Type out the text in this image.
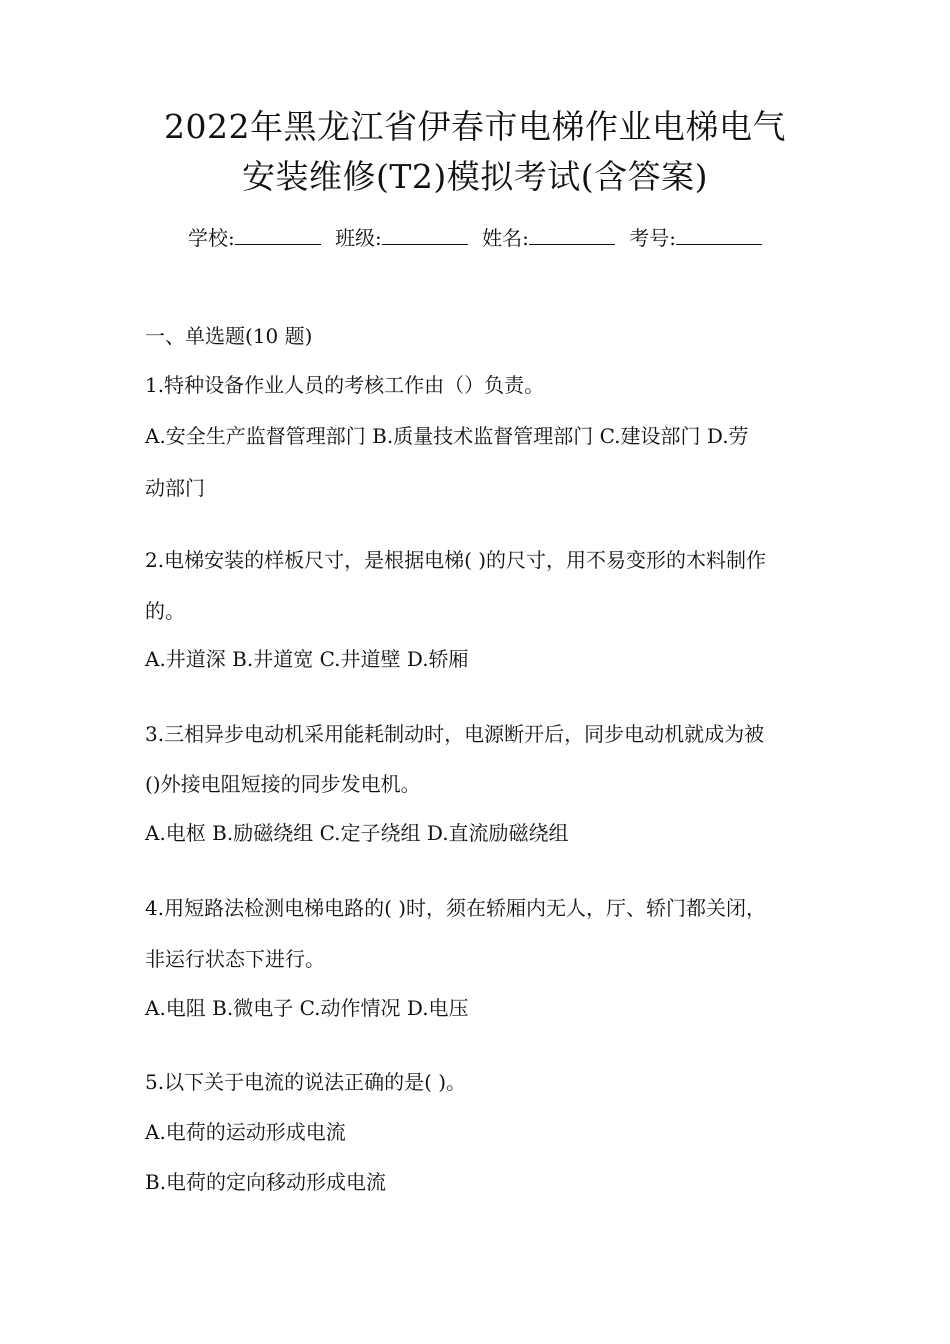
2022年黑龙江省伊春市电梯作业电梯电气
安装维修(T2)模拟考试(含答案)
学校:	班级:	姓名:	考号:
一、单选题(10 题)
1.特种设备作业人员的考核工作由（）负责。
A.安全生产监督管理部门 B.质量技术监督管理部门 C.建设部门 D.劳
动部门
2.电梯安装的样板尺寸，是根据电梯( )的尺寸，用不易变形的木料制作
的。
A.井道深 B.井道宽 C.井道壁 D.轿厢
3.三相异步电动机采用能耗制动时，电源断开后，同步电动机就成为被
()外接电阻短接的同步发电机。
A.电枢 B.励磁绕组 C.定子绕组 D.直流励磁绕组
4.用短路法检测电梯电路的( )时，须在轿厢内无人，厅、轿门都关闭，
非运行状态下进行。
A.电阻 B.微电子 C.动作情况 D.电压
5.以下关于电流的说法正确的是( )。
A.电荷的运动形成电流
B.电荷的定向移动形成电流
